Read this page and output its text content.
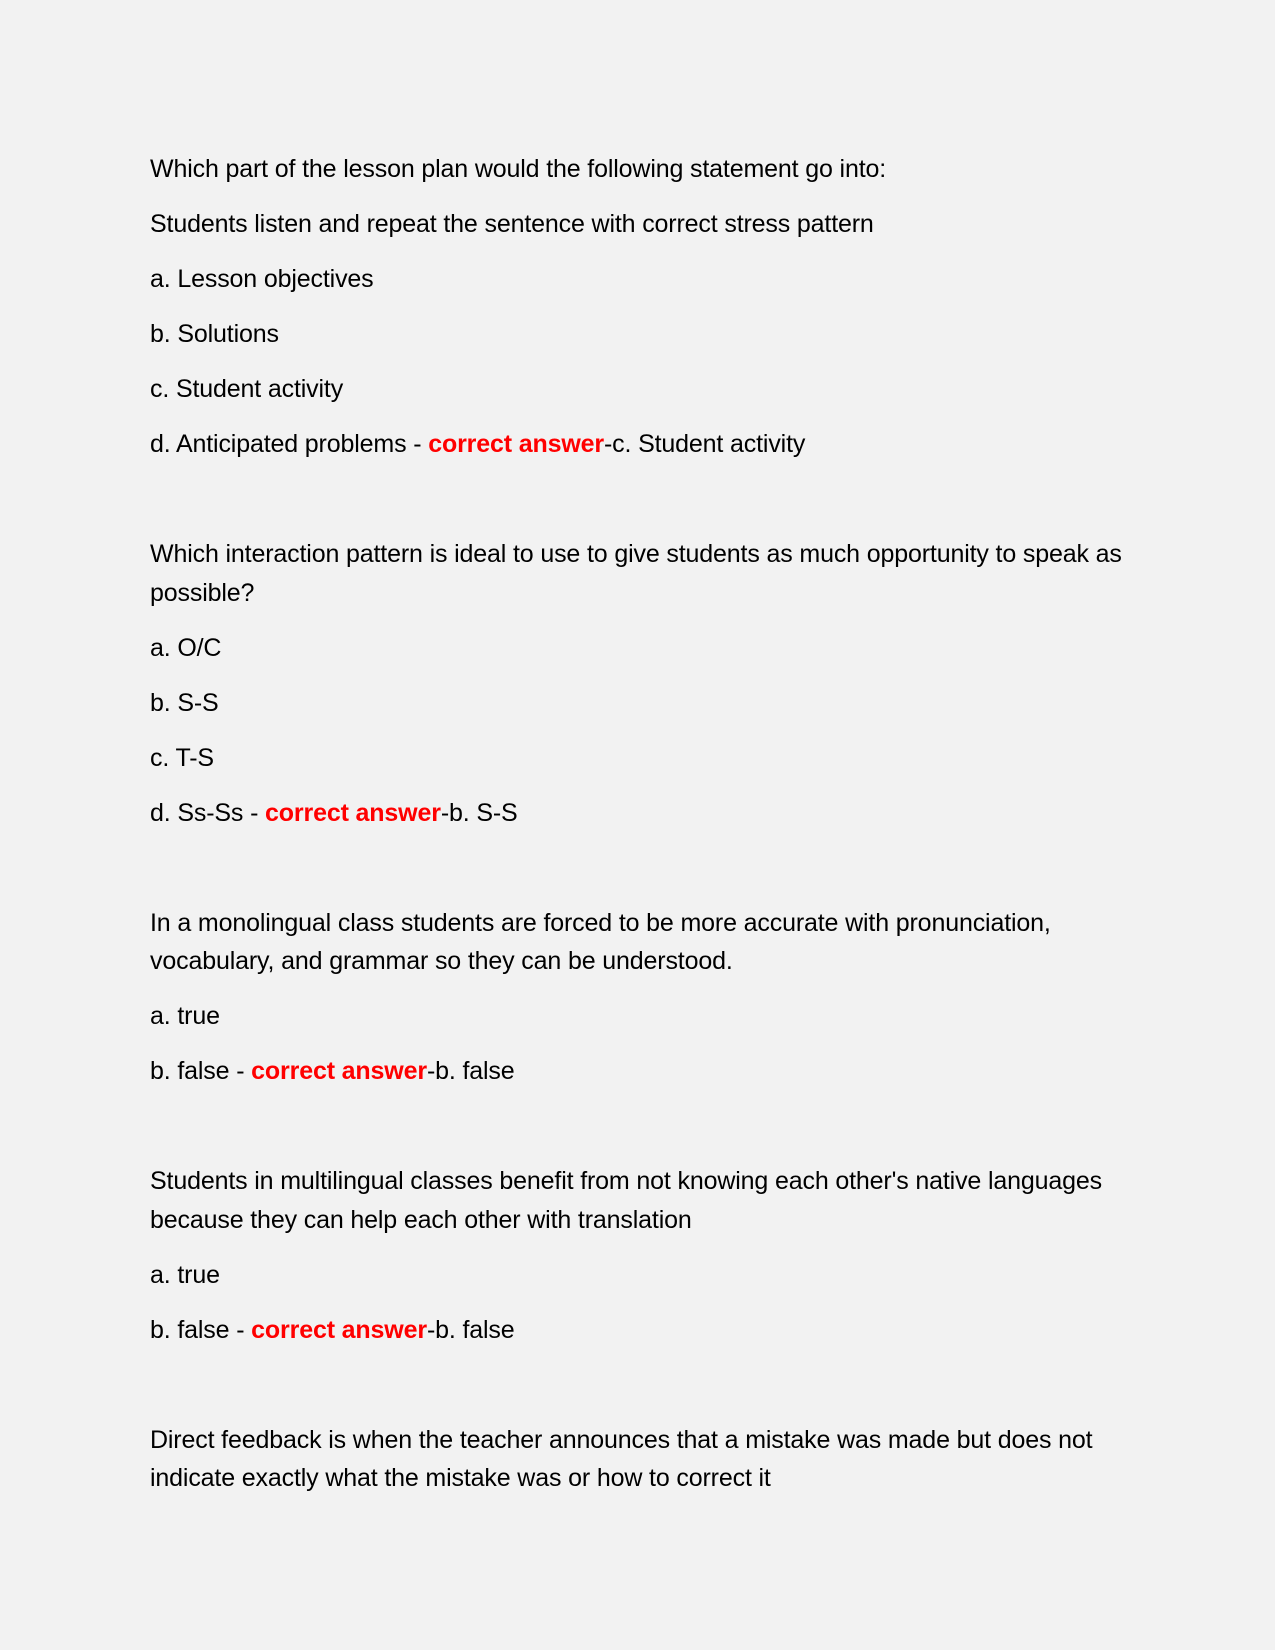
Which part of the lesson plan would the following statement go into:

Students listen and repeat the sentence with correct stress pattern

a. Lesson objectives

b. Solutions

c. Student activity

d. Anticipated problems - correct answer-c. Student activity

Which interaction pattern is ideal to use to give students as much opportunity to speak as possible?

a. O/C

b. S-S

c. T-S

d. Ss-Ss - correct answer-b. S-S

In a monolingual class students are forced to be more accurate with pronunciation, vocabulary, and grammar so they can be understood.

a. true

b. false - correct answer-b. false

Students in multilingual classes benefit from not knowing each other's native languages because they can help each other with translation

a. true

b. false - correct answer-b. false

Direct feedback is when the teacher announces that a mistake was made but does not indicate exactly what the mistake was or how to correct it
